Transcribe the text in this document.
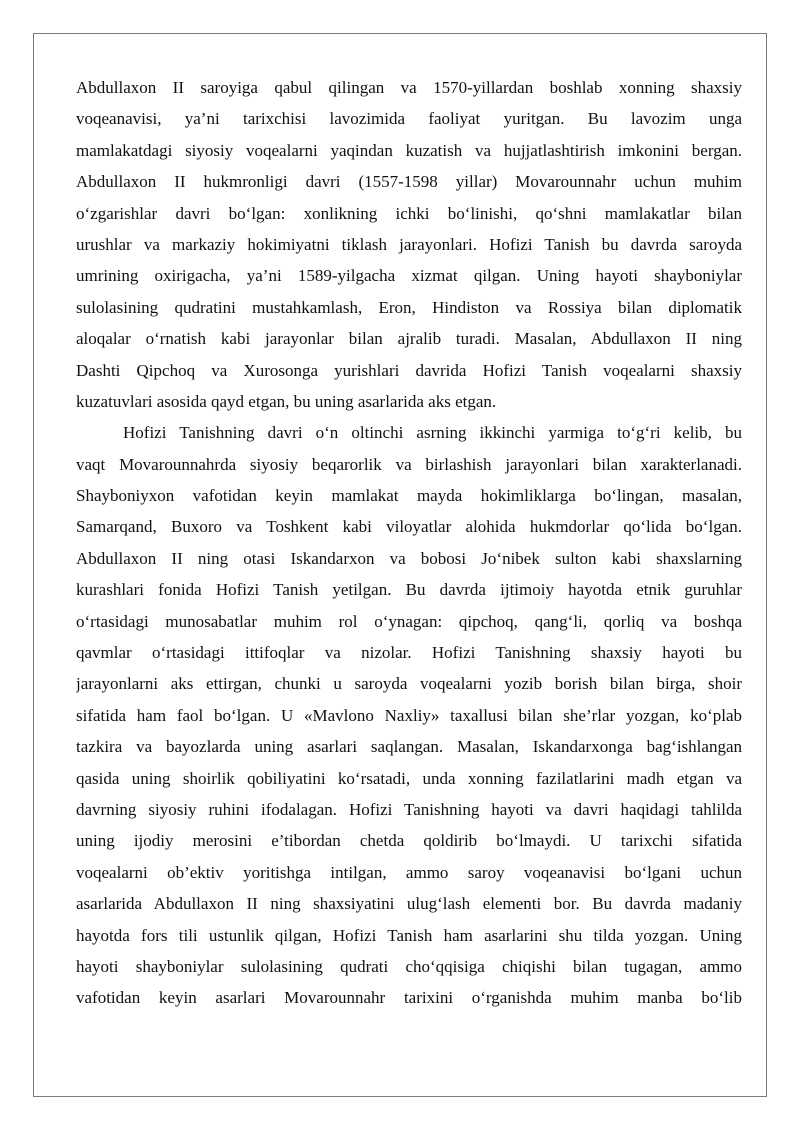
Abdullaxon II saroyiga qabul qilingan va 1570-yillardan boshlab xonning shaxsiy
voqeanavisi, ya’ni tarixchisi lavozimida faoliyat yuritgan. Bu lavozim unga
mamlakatdagi siyosiy voqealarni yaqindan kuzatish va hujjatlashtirish imkonini bergan.
Abdullaxon II hukmronligi davri (1557-1598 yillar) Movarounnahr uchun muhim
o‘zgarishlar davri bo‘lgan: xonlikning ichki bo‘linishi, qo‘shni mamlakatlar bilan
urushlar va markaziy hokimiyatni tiklash jarayonlari. Hofizi Tanish bu davrda saroyda
umrining oxirigacha, ya’ni 1589-yilgacha xizmat qilgan. Uning hayoti shayboniylar
sulolasining qudratini mustahkamlash, Eron, Hindiston va Rossiya bilan diplomatik
aloqalar o‘rnatish kabi jarayonlar bilan ajralib turadi. Masalan, Abdullaxon II ning
Dashti Qipchoq va Xurosonga yurishlari davrida Hofizi Tanish voqealarni shaxsiy
kuzatuvlari asosida qayd etgan, bu uning asarlarida aks etgan.
Hofizi Tanishning davri o‘n oltinchi asrning ikkinchi yarmiga to‘g‘ri kelib, bu
vaqt Movarounnahrda siyosiy beqarorlik va birlashish jarayonlari bilan xarakterlanadi.
Shayboniyxon vafotidan keyin mamlakat mayda hokimliklarga bo‘lingan, masalan,
Samarqand, Buxoro va Toshkent kabi viloyatlar alohida hukmdorlar qo‘lida bo‘lgan.
Abdullaxon II ning otasi Iskandarxon va bobosi Jo‘nibek sulton kabi shaxslarning
kurashlari fonida Hofizi Tanish yetilgan. Bu davrda ijtimoiy hayotda etnik guruhlar
o‘rtasidagi munosabatlar muhim rol o‘ynagan: qipchoq, qang‘li, qorliq va boshqa
qavmlar o‘rtasidagi ittifoqlar va nizolar. Hofizi Tanishning shaxsiy hayoti bu
jarayonlarni aks ettirgan, chunki u saroyda voqealarni yozib borish bilan birga, shoir
sifatida ham faol bo‘lgan. U «Mavlono Naxliy» taxallusi bilan she’rlar yozgan, ko‘plab
tazkira va bayozlarda uning asarlari saqlangan. Masalan, Iskandarxonga bag‘ishlangan
qasida uning shoirlik qobiliyatini ko‘rsatadi, unda xonning fazilatlarini madh etgan va
davrning siyosiy ruhini ifodalagan. Hofizi Tanishning hayoti va davri haqidagi tahlilda
uning ijodiy merosini e’tibordan chetda qoldirib bo‘lmaydi. U tarixchi sifatida
voqealarni ob’ektiv yoritishga intilgan, ammo saroy voqeanavisi bo‘lgani uchun
asarlarida Abdullaxon II ning shaxsiyatini ulug‘lash elementi bor. Bu davrda madaniy
hayotda fors tili ustunlik qilgan, Hofizi Tanish ham asarlarini shu tilda yozgan. Uning
hayoti shayboniylar sulolasining qudrati cho‘qqisiga chiqishi bilan tugagan, ammo
vafotidan keyin asarlari Movarounnahr tarixini o‘rganishda muhim manba bo‘lib
